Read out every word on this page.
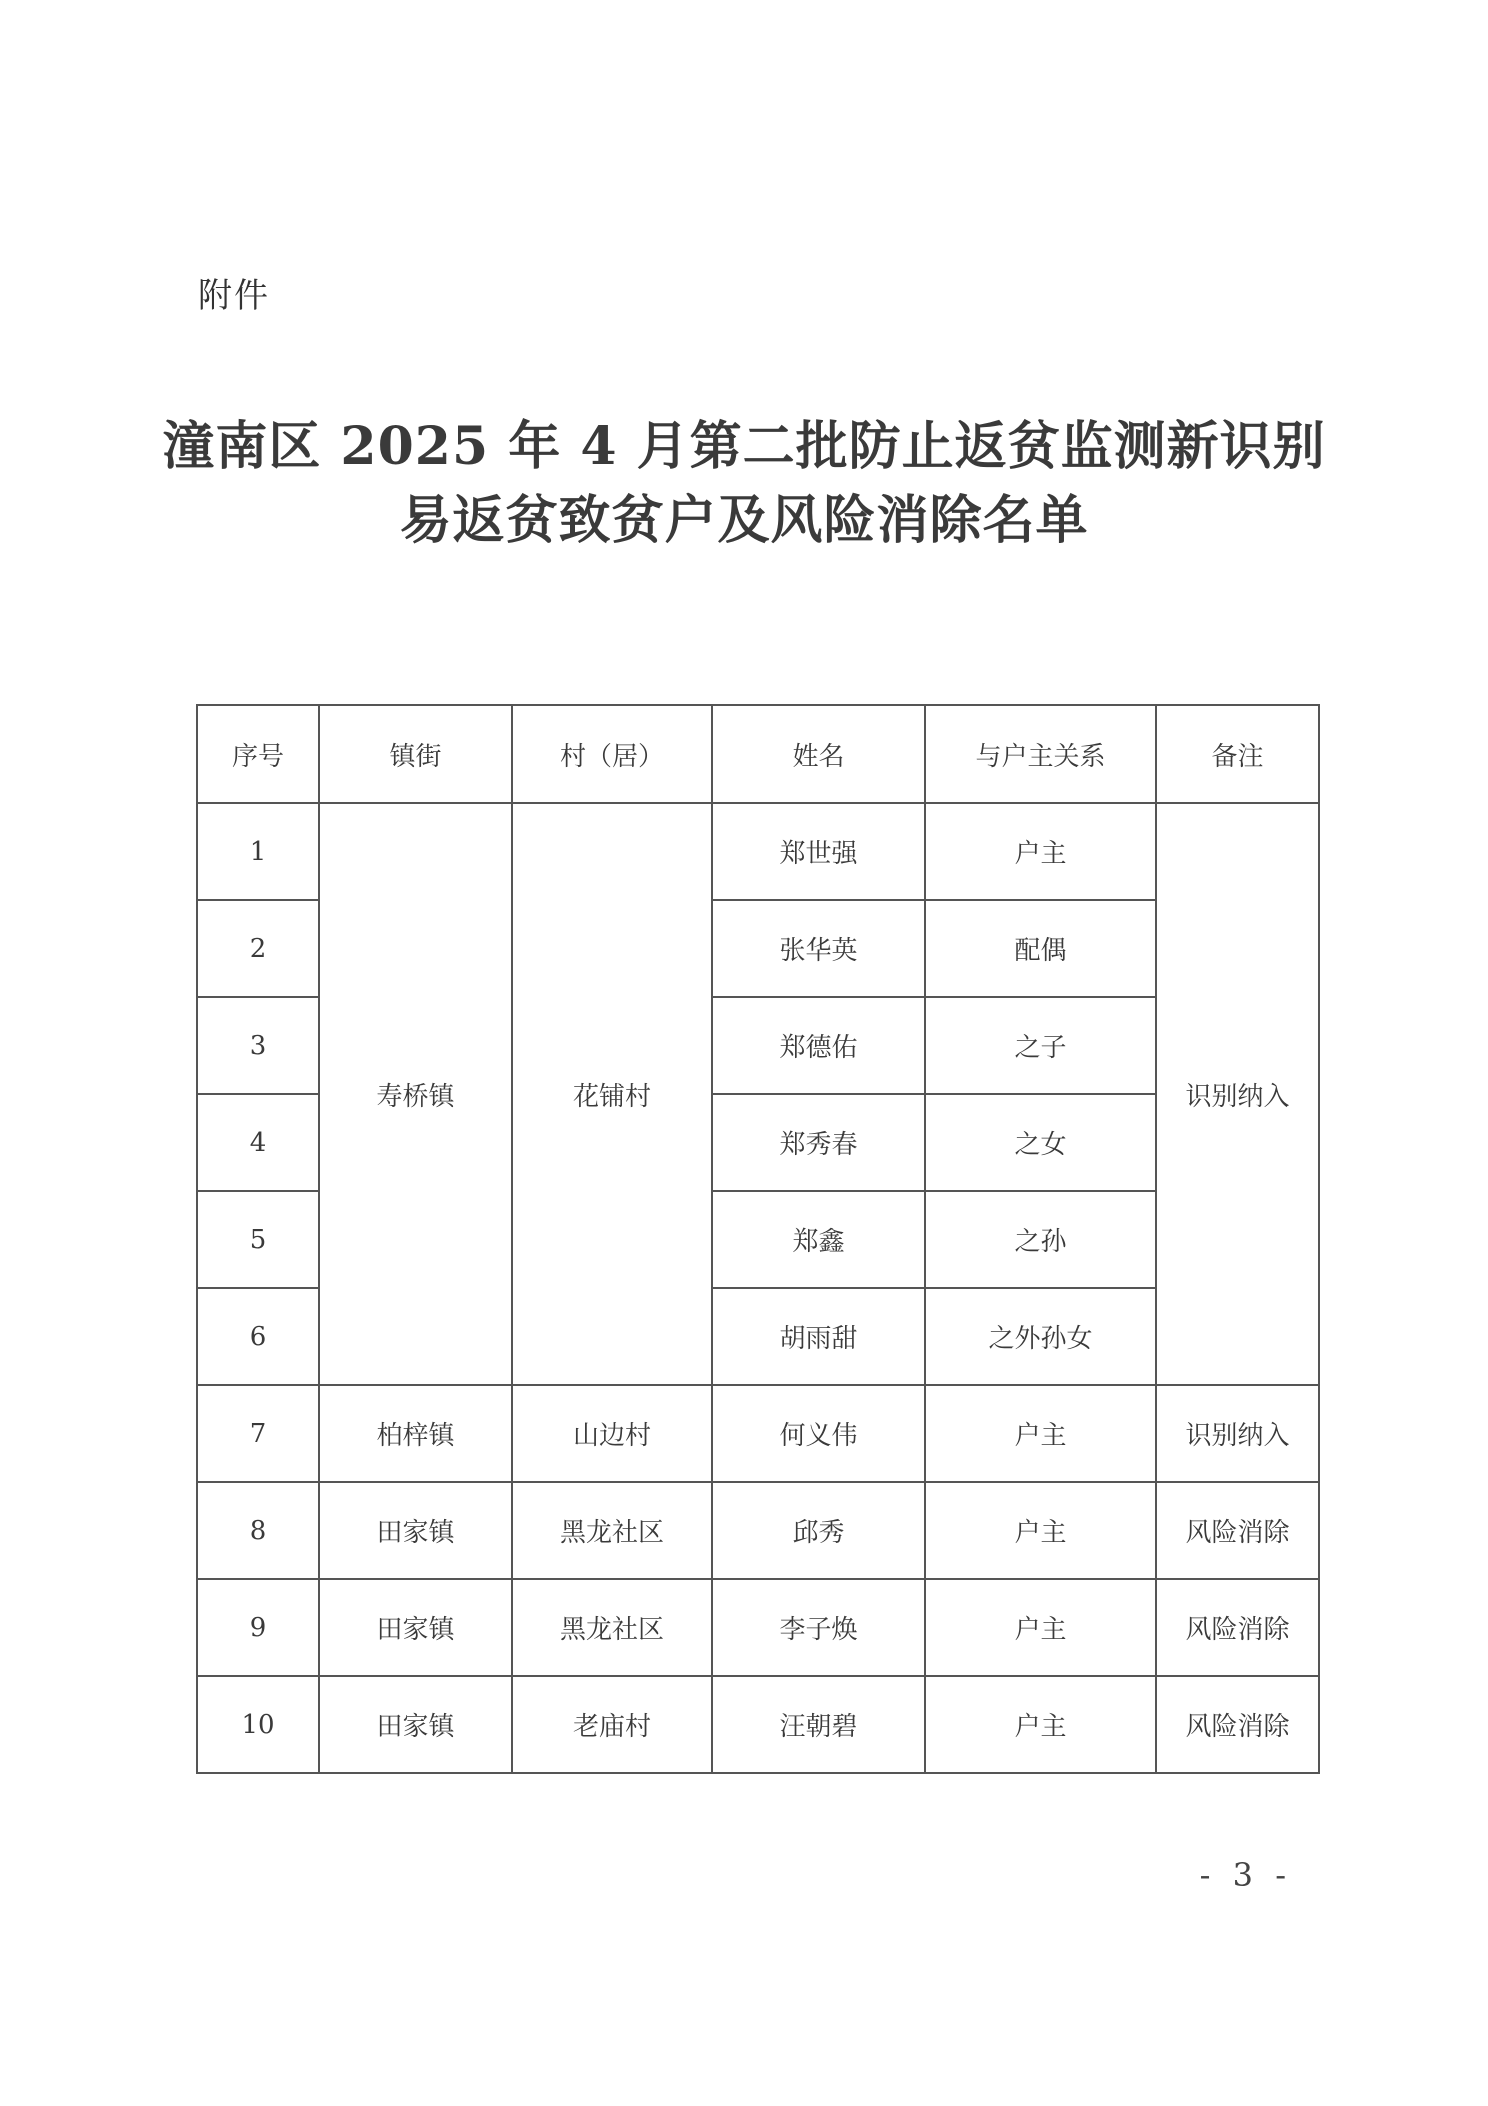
附件
潼南区 2025 年 4 月第二批防止返贫监测新识别
易返贫致贫户及风险消除名单
序号	镇街	村（居）	姓名	与户主关系	备注
1	寿桥镇	花铺村	郑世强	户主	识别纳入
2			张华英	配偶	
3			郑德佑	之子	
4			郑秀春	之女	
5			郑鑫	之孙	
6			胡雨甜	之外孙女	
7	柏梓镇	山边村	何义伟	户主	识别纳入
8	田家镇	黑龙社区	邱秀	户主	风险消除
9	田家镇	黑龙社区	李子焕	户主	风险消除
10	田家镇	老庙村	汪朝碧	户主	风险消除
- 3 -
